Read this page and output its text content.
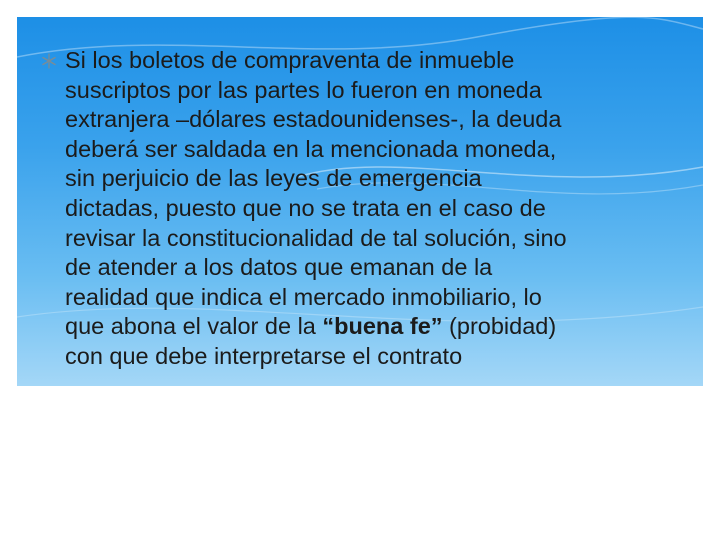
Si los boletos de compraventa de inmueble
suscriptos por las partes lo fueron en moneda
extranjera –dólares estadounidenses-, la deuda
deberá ser saldada en la mencionada moneda,
sin perjuicio de las leyes de emergencia
dictadas, puesto que no se trata en el caso de
revisar la constitucionalidad de tal solución, sino
de atender a los datos que emanan de la
realidad que indica el mercado inmobiliario, lo
que abona el valor de la “buena fe” (probidad)
con que debe interpretarse el contrato
